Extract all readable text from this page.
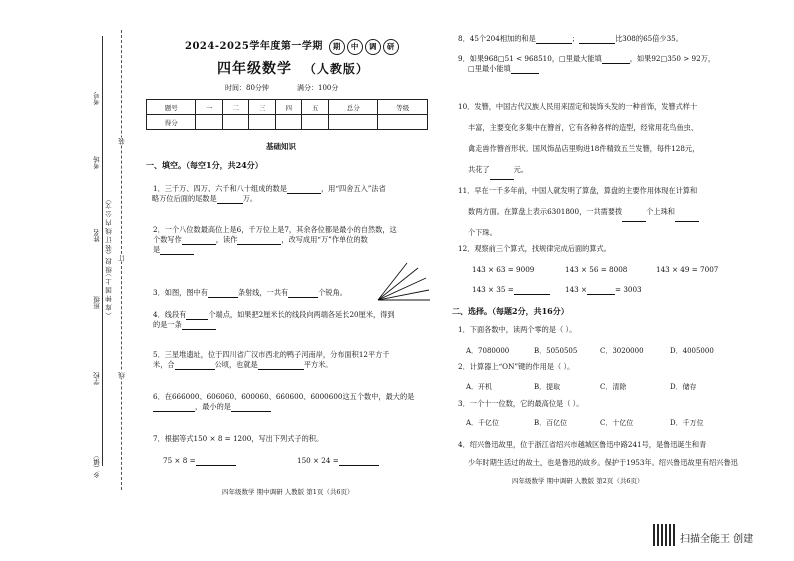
考号
考场
姓名
班级
学校
乡（镇）
级 段（装 订 线 内 公 文）
（ 库 钟 国 上 ）
装
订
线
2024-2025学年度第一学期 期 中 调 研
四年级数学 （人教版）
时间：80分钟	满分：100分
题号	一	二	三	四	五	总分	等级
得分							
基础知识
一、填空。（每空1分，共24分）
1．三千万、四万、六千和八十组成的数是	，用“四舍五入”法省
略万位后面的尾数是	万。
2．一个八位数最高位上是6，千万位上是7，其余各位都是最小的自然数，这
个数写作	，读作	，改写成用“万”作单位的数
是
3．如图，图中有	条射线，一共有	个锐角。
4．线段有	个端点，如果把2厘米长的线段向两端各延长20厘米，得到
的是一条
5．三星堆遗址，位于四川省广汉市西北的鸭子河南岸，分布面积12平方千
米，合	公顷，也就是	平方米。
6．在666000、606060、600060、660600、6000600这五个数中，最大的是
，最小的是
7．根据等式150 × 8 = 1200，写出下列式子的积。
75 × 8 =	150 × 24 =
四年级数学 期中调研 人教版 第1页（共6页）
8．45个204相加的和是	；	比308的65倍少35。
9．如果968□51 < 968510，□里最大能填	，如果92□350 > 92万，
□里最小能填
10．发簪，中国古代汉族人民用来固定和装饰头发的一种首饰，发簪式样十
丰富，主要变化多集中在簪首，它有各种各样的造型，经常用花鸟鱼虫、
禽走兽作簪首形状。国风饰品店里购进18件精致五兰发簪，每件128元，
共花了	元。
11．早在一千多年前，中国人就发明了算盘，算盘的主要作用体现在计算和
数两方面。在算盘上表示6301800，一共需要拨	个上珠和
个下珠。
12．观察前三个算式，找规律完成后面的算式。
143 × 63 = 9009	143 × 56 = 8008	143 × 49 = 7007
143 × 35 =	143 ×	= 3003
二、选择。（每题2分，共16分）
1．下面各数中，读两个零的是（ ）。
A．7080000	B．5050505	C．3020000	D．4005000
2．计算器上“ON”键的作用是（ ）。
A．开机	B．提取	C．清除	D．储存
3．一个十一位数，它的最高位是（ ）。
A．千亿位	B．百亿位	C．十亿位	D．千万位
4．绍兴鲁迅故里，位于浙江省绍兴市越城区鲁迅中路241号，是鲁迅诞生和青
少年时期生活过的故土，也是鲁迅的故乡。保护于1953年。绍兴鲁迅故里有绍兴鲁迅
四年级数学 期中调研 人教版 第2页（共6页）
扫描全能王 创建
